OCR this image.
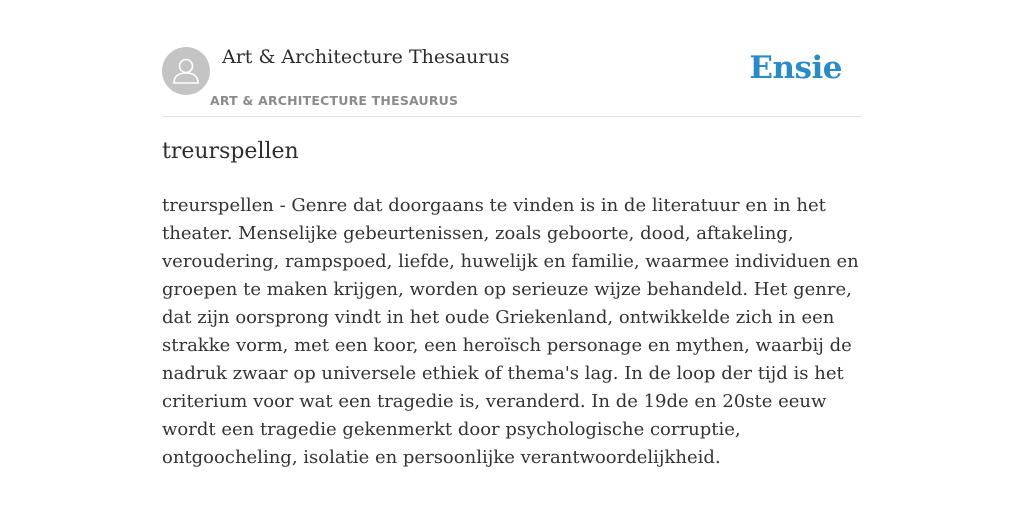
Art & Architecture Thesaurus
ART & ARCHITECTURE THESAURUS
Ensie
treurspellen

treurspellen - Genre dat doorgaans te vinden is in de literatuur en in het theater. Menselijke gebeurtenissen, zoals geboorte, dood, aftakeling, veroudering, rampspoed, liefde, huwelijk en familie, waarmee individuen en groepen te maken krijgen, worden op serieuze wijze behandeld. Het genre, dat zijn oorsprong vindt in het oude Griekenland, ontwikkelde zich in een strakke vorm, met een koor, een heroïsch personage en mythen, waarbij de nadruk zwaar op universele ethiek of thema's lag. In de loop der tijd is het criterium voor wat een tragedie is, veranderd. In de 19de en 20ste eeuw wordt een tragedie gekenmerkt door psychologische corruptie, ontgoocheling, isolatie en persoonlijke verantwoordelijkheid.
